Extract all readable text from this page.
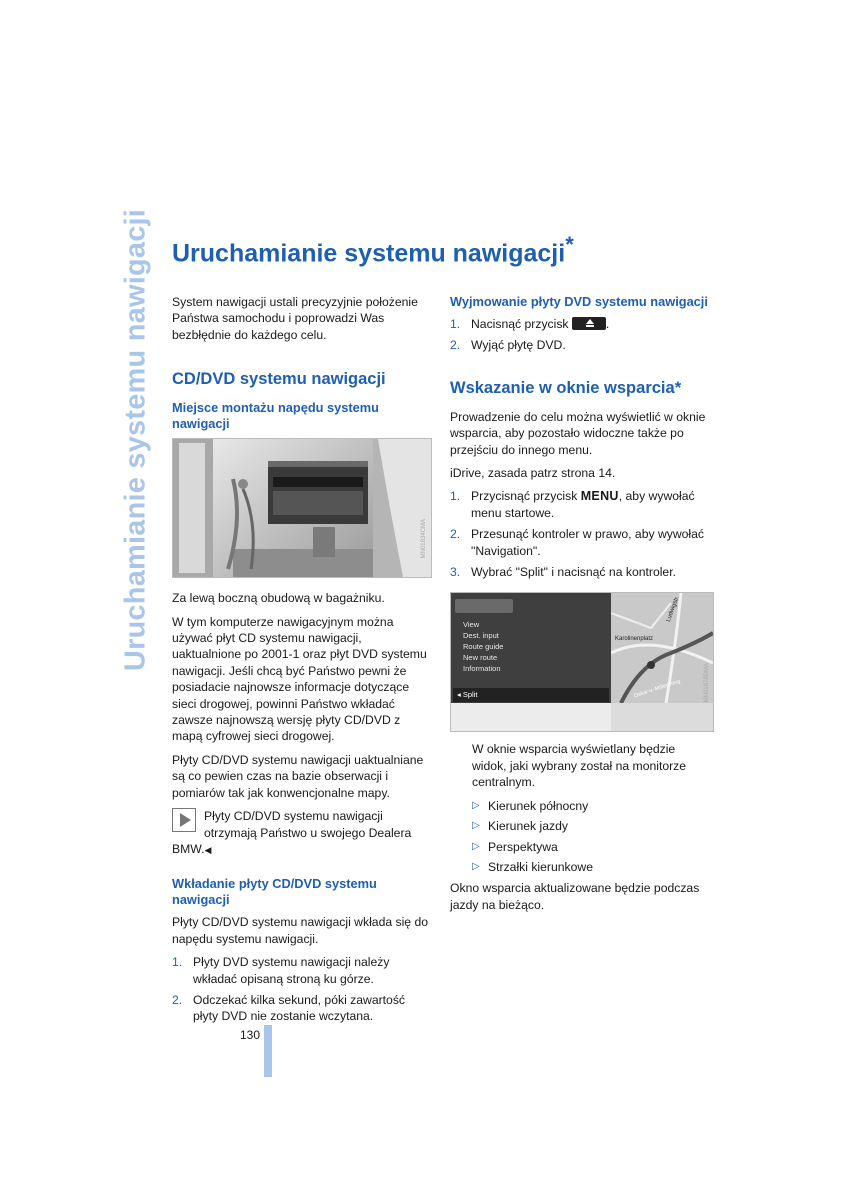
Uruchamianie systemu nawigacji Uruchamianie systemu nawigacji*

System nawigacji ustali precyzyjnie położenie Państwa samochodu i poprowadzi Was bezbłędnie do każdego celu.

CD/DVD systemu nawigacji
Miejsce montażu napędu systemu nawigacji
MN01834CMA

Za lewą boczną obudową w bagażniku.

W tym komputerze nawigacyjnym można używać płyt CD systemu nawigacji, uaktualnione po 2001-1 oraz płyt DVD systemu nawigacji. Jeśli chcą być Państwo pewni że posiadacie najnowsze informacje dotyczące sieci drogowej, powinni Państwo wkładać zawsze najnowszą wersję płyty CD/DVD z mapą cyfrowej sieci drogowej.

Płyty CD/DVD systemu nawigacji uaktualniane są co pewien czas na bazie obserwacji i pomiarów tak jak konwencjonalne mapy.

Płyty CD/DVD systemu nawigacji otrzymają Państwo u swojego Dealera BMW.◀
Wkładanie płyty CD/DVD systemu nawigacji

Płyty CD/DVD systemu nawigacji wkłada się do napędu systemu nawigacji.

1. Płyty DVD systemu nawigacji należy wkładać opisaną stroną ku górze.
2. Odczekać kilka sekund, póki zawartość płyty DVD nie zostanie wczytana.
Wyjmowanie płyty DVD systemu nawigacji
1. Nacisnąć przycisk	.
2. Wyjąć płytę DVD.
Wskazanie w oknie wsparcia*

Prowadzenie do celu można wyświetlić w oknie wsparcia, aby pozostało widoczne także po przejściu do innego menu.

iDrive, zasada patrz strona 14.

1. Przycisnąć przycisk MENU, aby wywołać menu startowe.
2. Przesunąć kontroler w prawo, aby wywołać "Navigation".
3. Wybrać "Split" i nacisnąć na kontroler.
View
Dest. input
Route guide
New route
Information
◂ Split
Karolinenplatz
Ludwigstr.
Oskar-v.-Miller-Ring	MN01878DMA

W oknie wsparcia wyświetlany będzie widok, jaki wybrany został na monitorze centralnym.

▷ Kierunek północny
▷ Kierunek jazdy
▷ Perspektywa
▷ Strzałki kierunkowe

Okno wsparcia aktualizowane będzie podczas jazdy na bieżąco.

130
